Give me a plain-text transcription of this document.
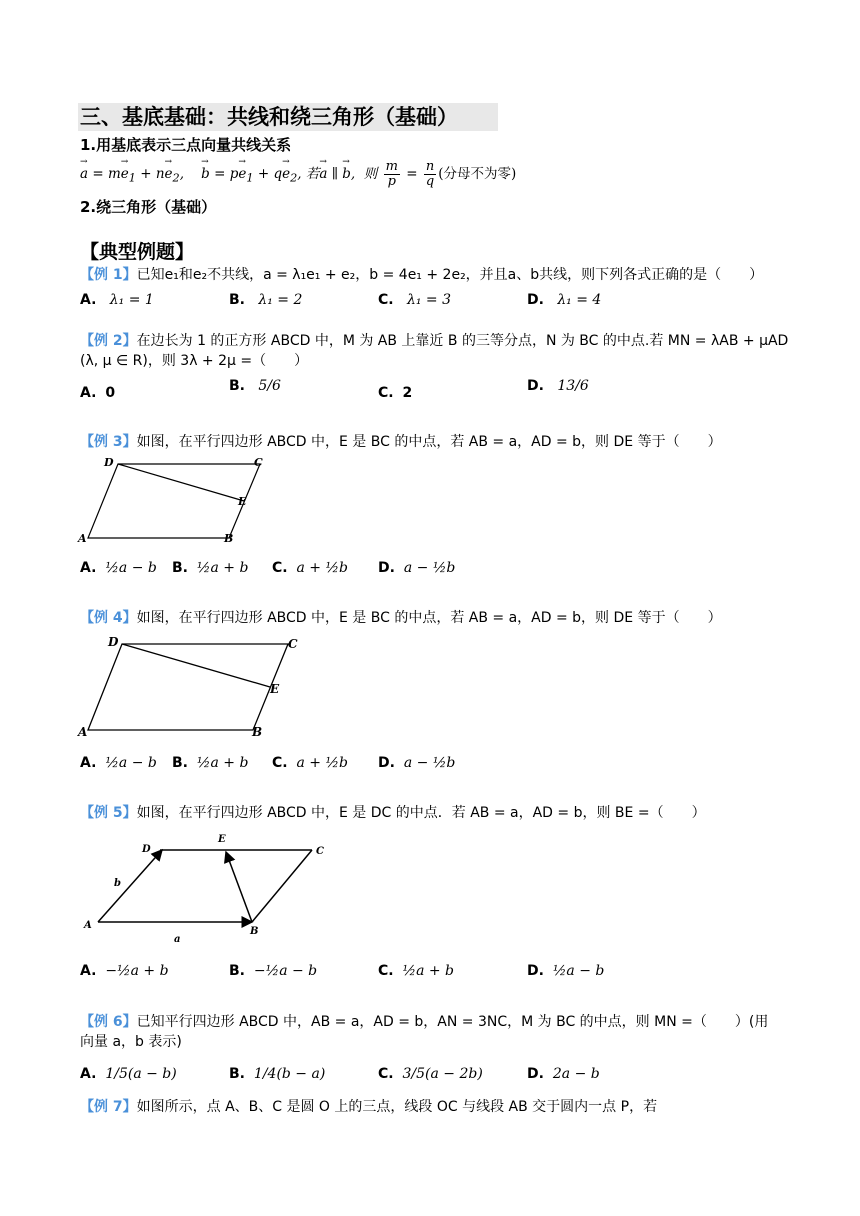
三、基底基础：共线和绕三角形（基础）
1.用基底表示三点向量共线关系
→ $a = m\to e_1 + n\to e_2$,    → $b = p\to e_1 + q\to e_2$, 若→ a ∥ → b,  则 $\frac{m}{p} = \frac{n}{q}$ (分母不为零)
2.绕三角形（基础）
【典型例题】
【例 1】已知e₁和e₂不共线，a = λ₁e₁ + e₂，b = 4e₁ + 2e₂，并且a、b共线，则下列各式正确的是（　　）
A. λ₁ = 1	B. λ₁ = 2	C. λ₁ = 3	D. λ₁ = 4
【例 2】在边长为 1 的正方形 ABCD 中，M 为 AB 上靠近 B 的三等分点，N 为 BC 的中点.若 MN = λAB + μAD
(λ, μ ∈ R)，则 3λ + 2μ =（　　）
A. 0	B. 5/6	C. 2	D. 13/6
【例 3】如图，在平行四边形 ABCD 中，E 是 BC 的中点，若 AB = a，AD = b，则 DE 等于（　　）
A	B
C
D
E
A. ½a − b B. ½a + b C. a + ½b D. a − ½b
【例 4】如图，在平行四边形 ABCD 中，E 是 BC 的中点，若 AB = a，AD = b，则 DE 等于（　　）
A	B
C
D
E
A. ½a − b B. ½a + b C. a + ½b D. a − ½b
【例 5】如图，在平行四边形 ABCD 中，E 是 DC 的中点．若 AB = a，AD = b，则 BE =（　　）
A
B
C
D
E
b
a
A. −½a + b	B. −½a − b	C. ½a + b	D. ½a − b
【例 6】已知平行四边形 ABCD 中，AB = a，AD = b，AN = 3NC，M 为 BC 的中点，则 MN =（　　）(用
向量 a，b 表示)
A. 1/5(a − b)	B. 1/4(b − a)	C. 3/5(a − 2b)	D. 2a − b
【例 7】如图所示，点 A、B、C 是圆 O 上的三点，线段 OC 与线段 AB 交于圆内一点 P，若
